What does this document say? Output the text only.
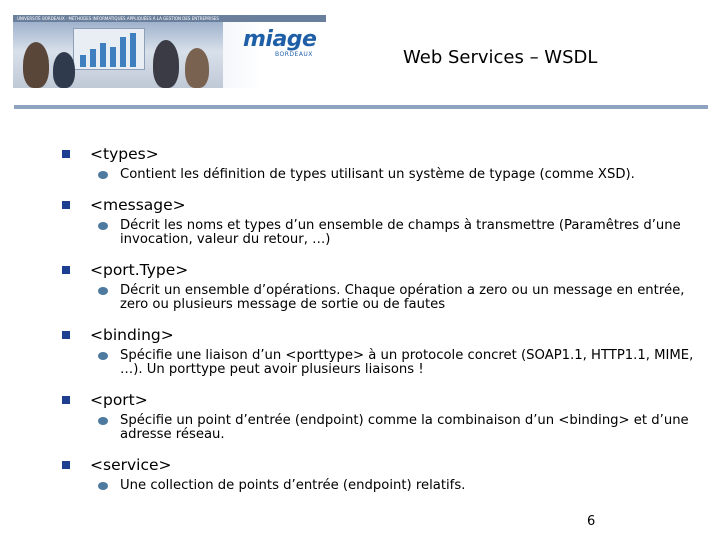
UNIVERSITÉ BORDEAUX · MÉTHODES INFORMATIQUES APPLIQUÉES À LA GESTION DES ENTREPRISES
miage
BORDEAUX	Web Services – WSDL
<types>
Contient les définition de types utilisant un système de typage (comme XSD).
<message>
Décrit les noms et types d’un ensemble de champs à transmettre (Paramêtres d’une invocation, valeur du retour, …)
<port.Type>
Décrit un ensemble d’opérations. Chaque opération a zero ou un message en entrée, zero ou plusieurs message de sortie ou de fautes
<binding>
Spécifie une liaison d’un <porttype> à un protocole concret (SOAP1.1, HTTP1.1, MIME, …). Un porttype peut avoir plusieurs liaisons !
<port>
Spécifie un point d’entrée (endpoint) comme la combinaison d’un <binding> et d’une adresse réseau.
<service>
Une collection de points d’entrée (endpoint) relatifs.
6
